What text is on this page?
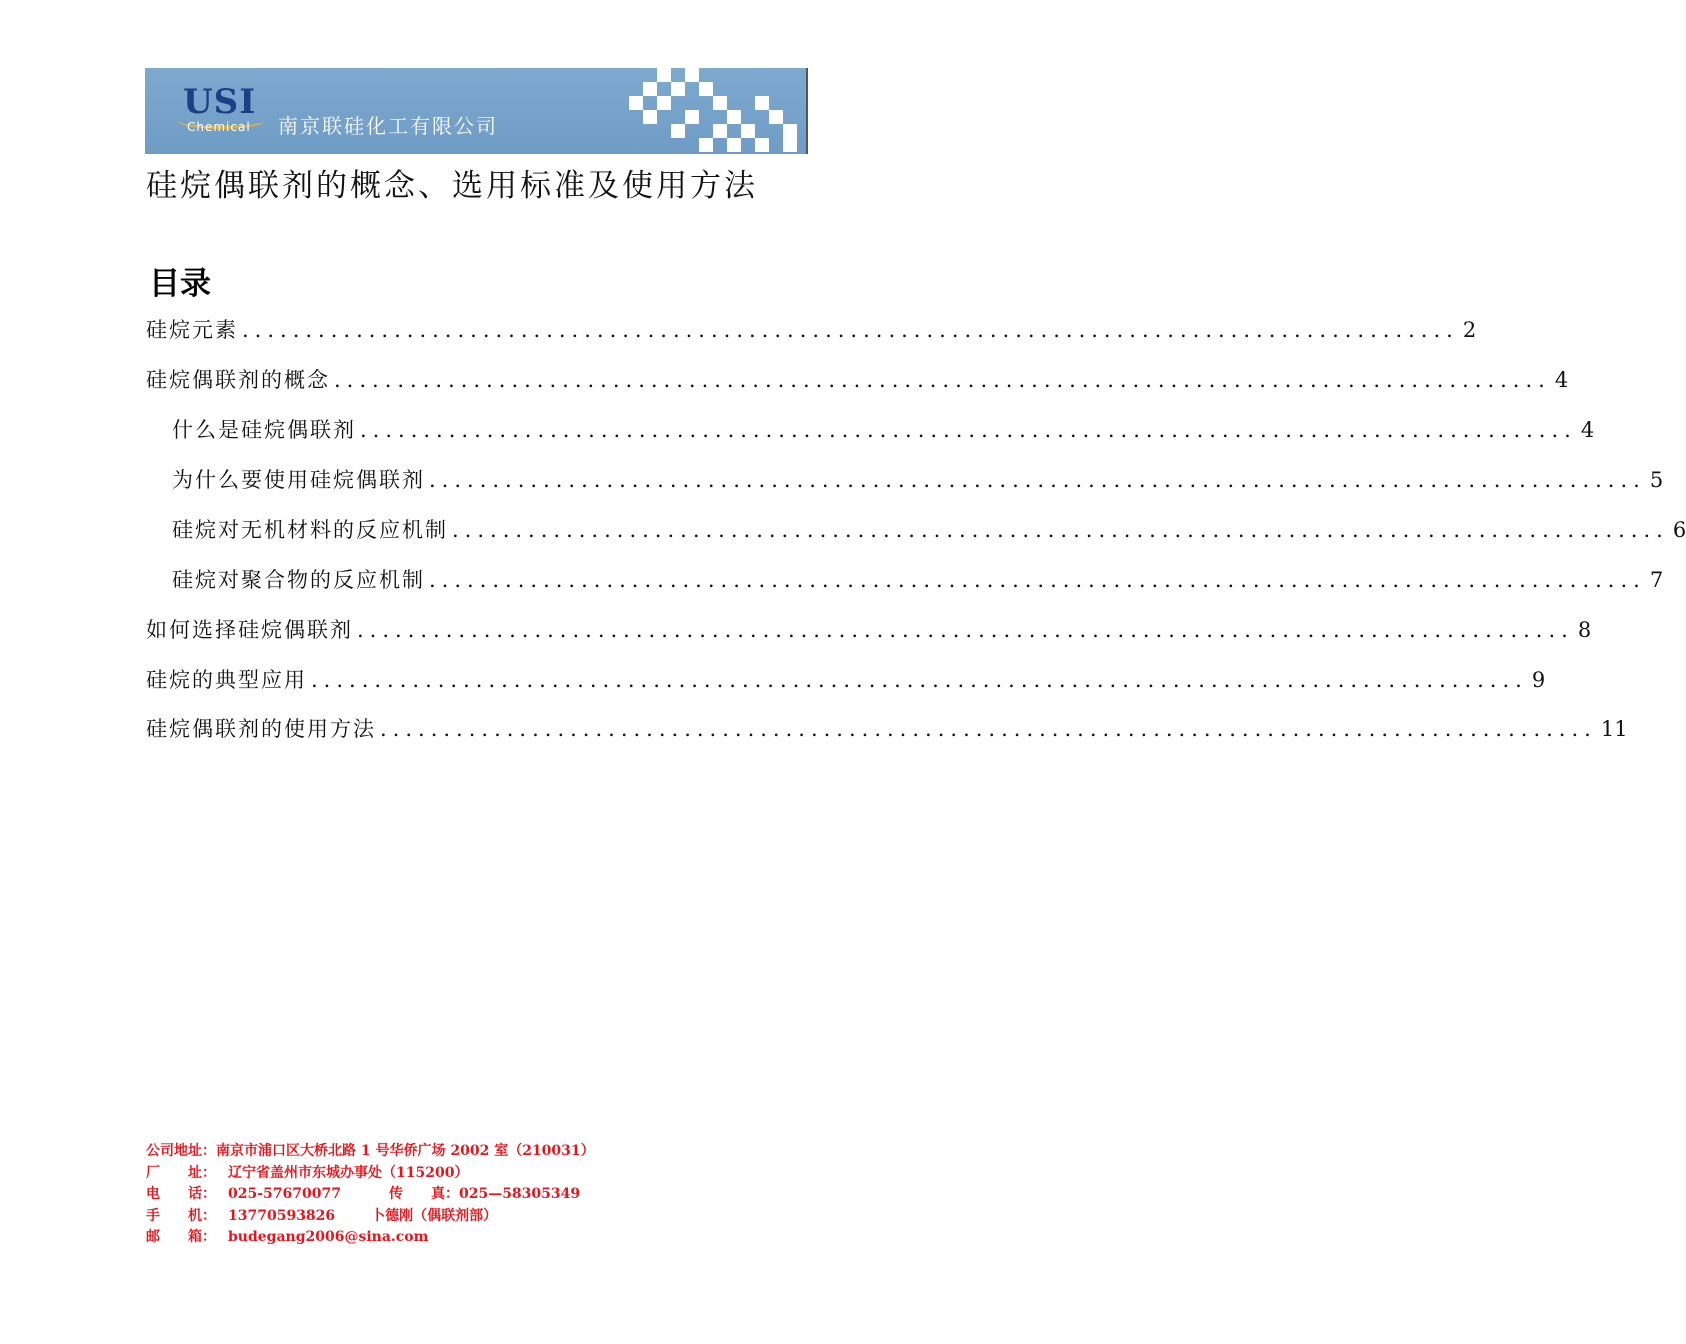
USI
Chemical 南京联硅化工有限公司
硅烷偶联剂的概念、选用标准及使用方法
目录
硅烷元素 ................................................................................................ 2
硅烷偶联剂的概念 ................................................................................................ 4
什么是硅烷偶联剂 ................................................................................................ 4
为什么要使用硅烷偶联剂 ................................................................................................ 5
硅烷对无机材料的反应机制 ................................................................................................ 6
硅烷对聚合物的反应机制 ................................................................................................ 7
如何选择硅烷偶联剂 ................................................................................................ 8
硅烷的典型应用 ................................................................................................ 9
硅烷偶联剂的使用方法 ................................................................................................ 11
公司地址：南京市浦口区大桥北路 1 号华侨广场 2002 室（210031）
厂　　址： 辽宁省盖州市东城办事处（115200）
电　　话： 025-57670077	传　　真：025—58305349
手　　机： 13770593826	卜德刚（偶联剂部）
邮　　箱： budegang2006@sina.com
